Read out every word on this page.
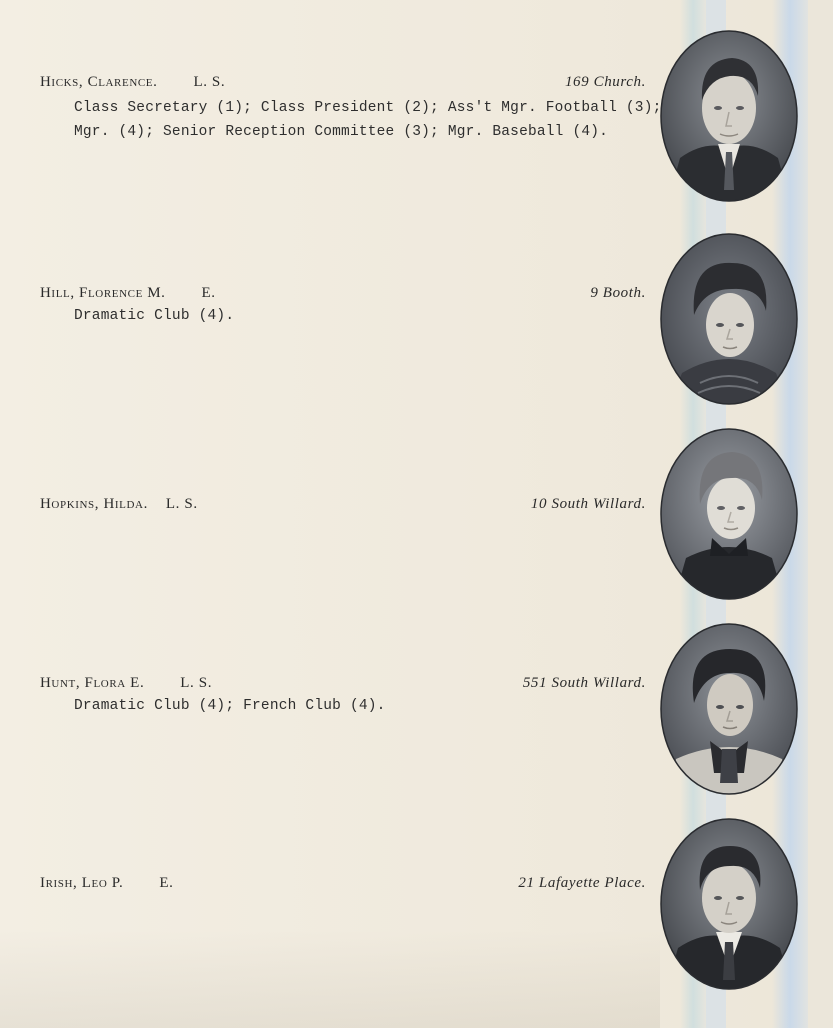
Hicks, Clarence. L. S.	169 Church.
Class Secretary (1); Class President (2); Ass't Mgr. Football (3);
Mgr. (4); Senior Reception Committee (3); Mgr. Baseball (4).
Hill, Florence M. E.	9 Booth.
Dramatic Club (4).
Hopkins, Hilda. L. S.	10 South Willard.
Hunt, Flora E. L. S.	551 South Willard.
Dramatic Club (4); French Club (4).
Irish, Leo P. E.	21 Lafayette Place.
